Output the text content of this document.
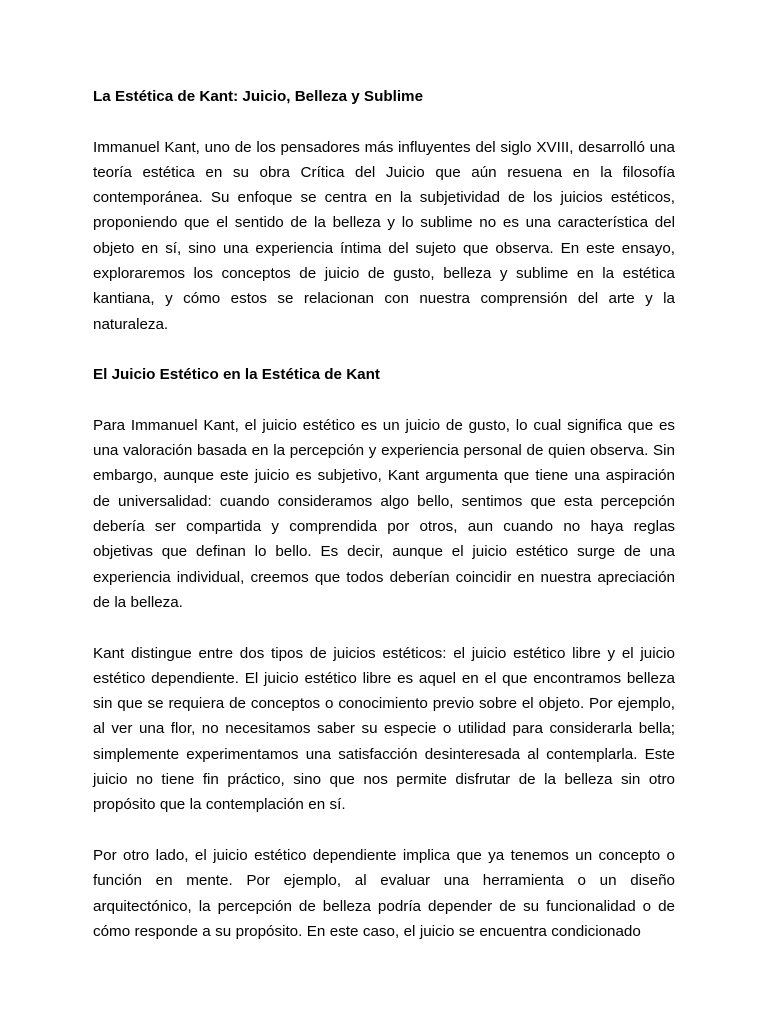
La Estética de Kant: Juicio, Belleza y Sublime

Immanuel Kant, uno de los pensadores más influyentes del siglo XVIII, desarrolló una teoría estética en su obra Crítica del Juicio que aún resuena en la filosofía contemporánea. Su enfoque se centra en la subjetividad de los juicios estéticos, proponiendo que el sentido de la belleza y lo sublime no es una característica del objeto en sí, sino una experiencia íntima del sujeto que observa. En este ensayo, exploraremos los conceptos de juicio de gusto, belleza y sublime en la estética kantiana, y cómo estos se relacionan con nuestra comprensión del arte y la naturaleza.

El Juicio Estético en la Estética de Kant

Para Immanuel Kant, el juicio estético es un juicio de gusto, lo cual significa que es una valoración basada en la percepción y experiencia personal de quien observa. Sin embargo, aunque este juicio es subjetivo, Kant argumenta que tiene una aspiración de universalidad: cuando consideramos algo bello, sentimos que esta percepción debería ser compartida y comprendida por otros, aun cuando no haya reglas objetivas que definan lo bello. Es decir, aunque el juicio estético surge de una experiencia individual, creemos que todos deberían coincidir en nuestra apreciación de la belleza.

Kant distingue entre dos tipos de juicios estéticos: el juicio estético libre y el juicio estético dependiente. El juicio estético libre es aquel en el que encontramos belleza sin que se requiera de conceptos o conocimiento previo sobre el objeto. Por ejemplo, al ver una flor, no necesitamos saber su especie o utilidad para considerarla bella; simplemente experimentamos una satisfacción desinteresada al contemplarla. Este juicio no tiene fin práctico, sino que nos permite disfrutar de la belleza sin otro propósito que la contemplación en sí.

Por otro lado, el juicio estético dependiente implica que ya tenemos un concepto o función en mente. Por ejemplo, al evaluar una herramienta o un diseño arquitectónico, la percepción de belleza podría depender de su funcionalidad o de cómo responde a su propósito. En este caso, el juicio se encuentra condicionado
